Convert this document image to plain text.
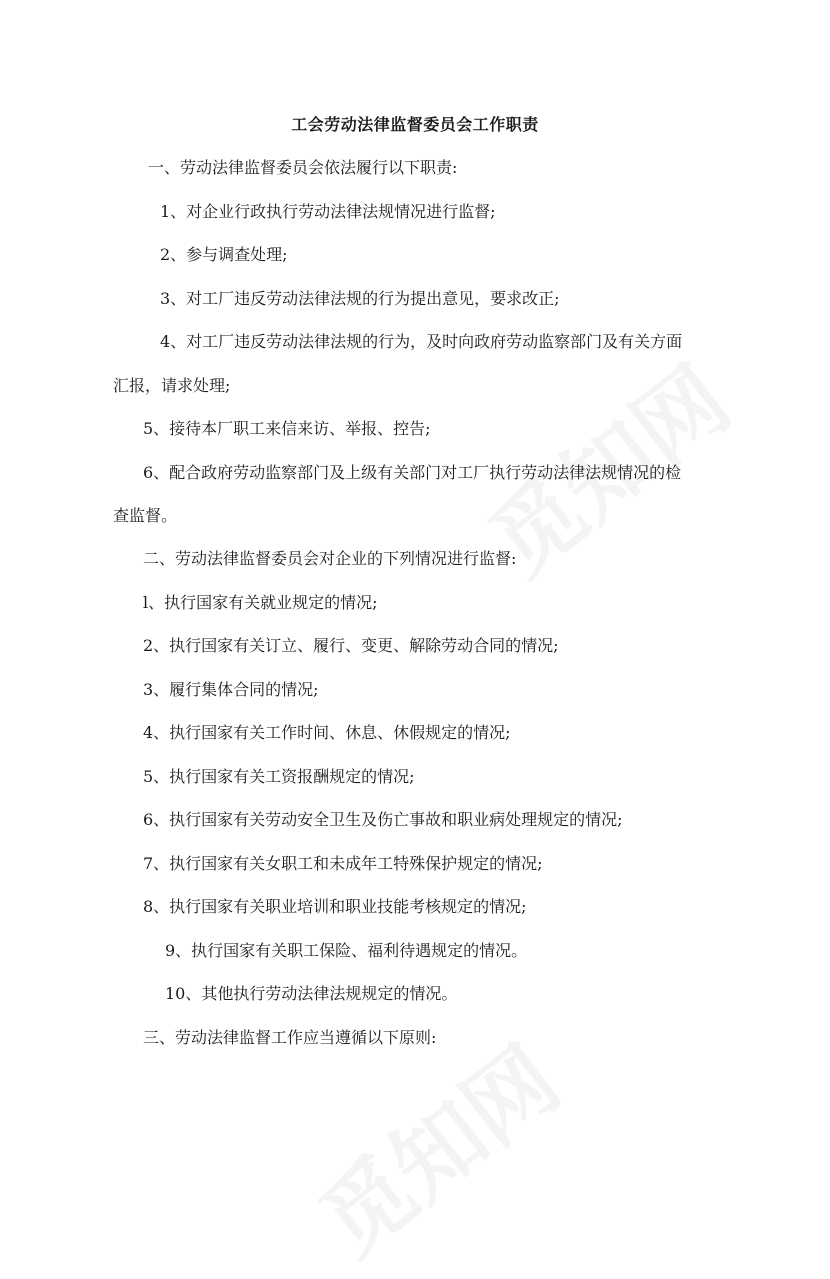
工会劳动法律监督委员会工作职责
一、劳动法律监督委员会依法履行以下职责:
1、对企业行政执行劳动法律法规情况进行监督;
2、参与调查处理;
3、对工厂违反劳动法律法规的行为提出意见，要求改正;
4、对工厂违反劳动法律法规的行为，及时向政府劳动监察部门及有关方面
汇报，请求处理;
5、接待本厂职工来信来访、举报、控告;
6、配合政府劳动监察部门及上级有关部门对工厂执行劳动法律法规情况的检
查监督。
二、劳动法律监督委员会对企业的下列情况进行监督:
l、执行国家有关就业规定的情况;
2、执行国家有关订立、履行、变更、解除劳动合同的情况;
3、履行集体合同的情况;
4、执行国家有关工作时间、休息、休假规定的情况;
5、执行国家有关工资报酬规定的情况;
6、执行国家有关劳动安全卫生及伤亡事故和职业病处理规定的情况;
7、执行国家有关女职工和未成年工特殊保护规定的情况;
8、执行国家有关职业培训和职业技能考核规定的情况;
9、执行国家有关职工保险、福利待遇规定的情况。
10、其他执行劳动法律法规规定的情况。
三、劳动法律监督工作应当遵循以下原则:
